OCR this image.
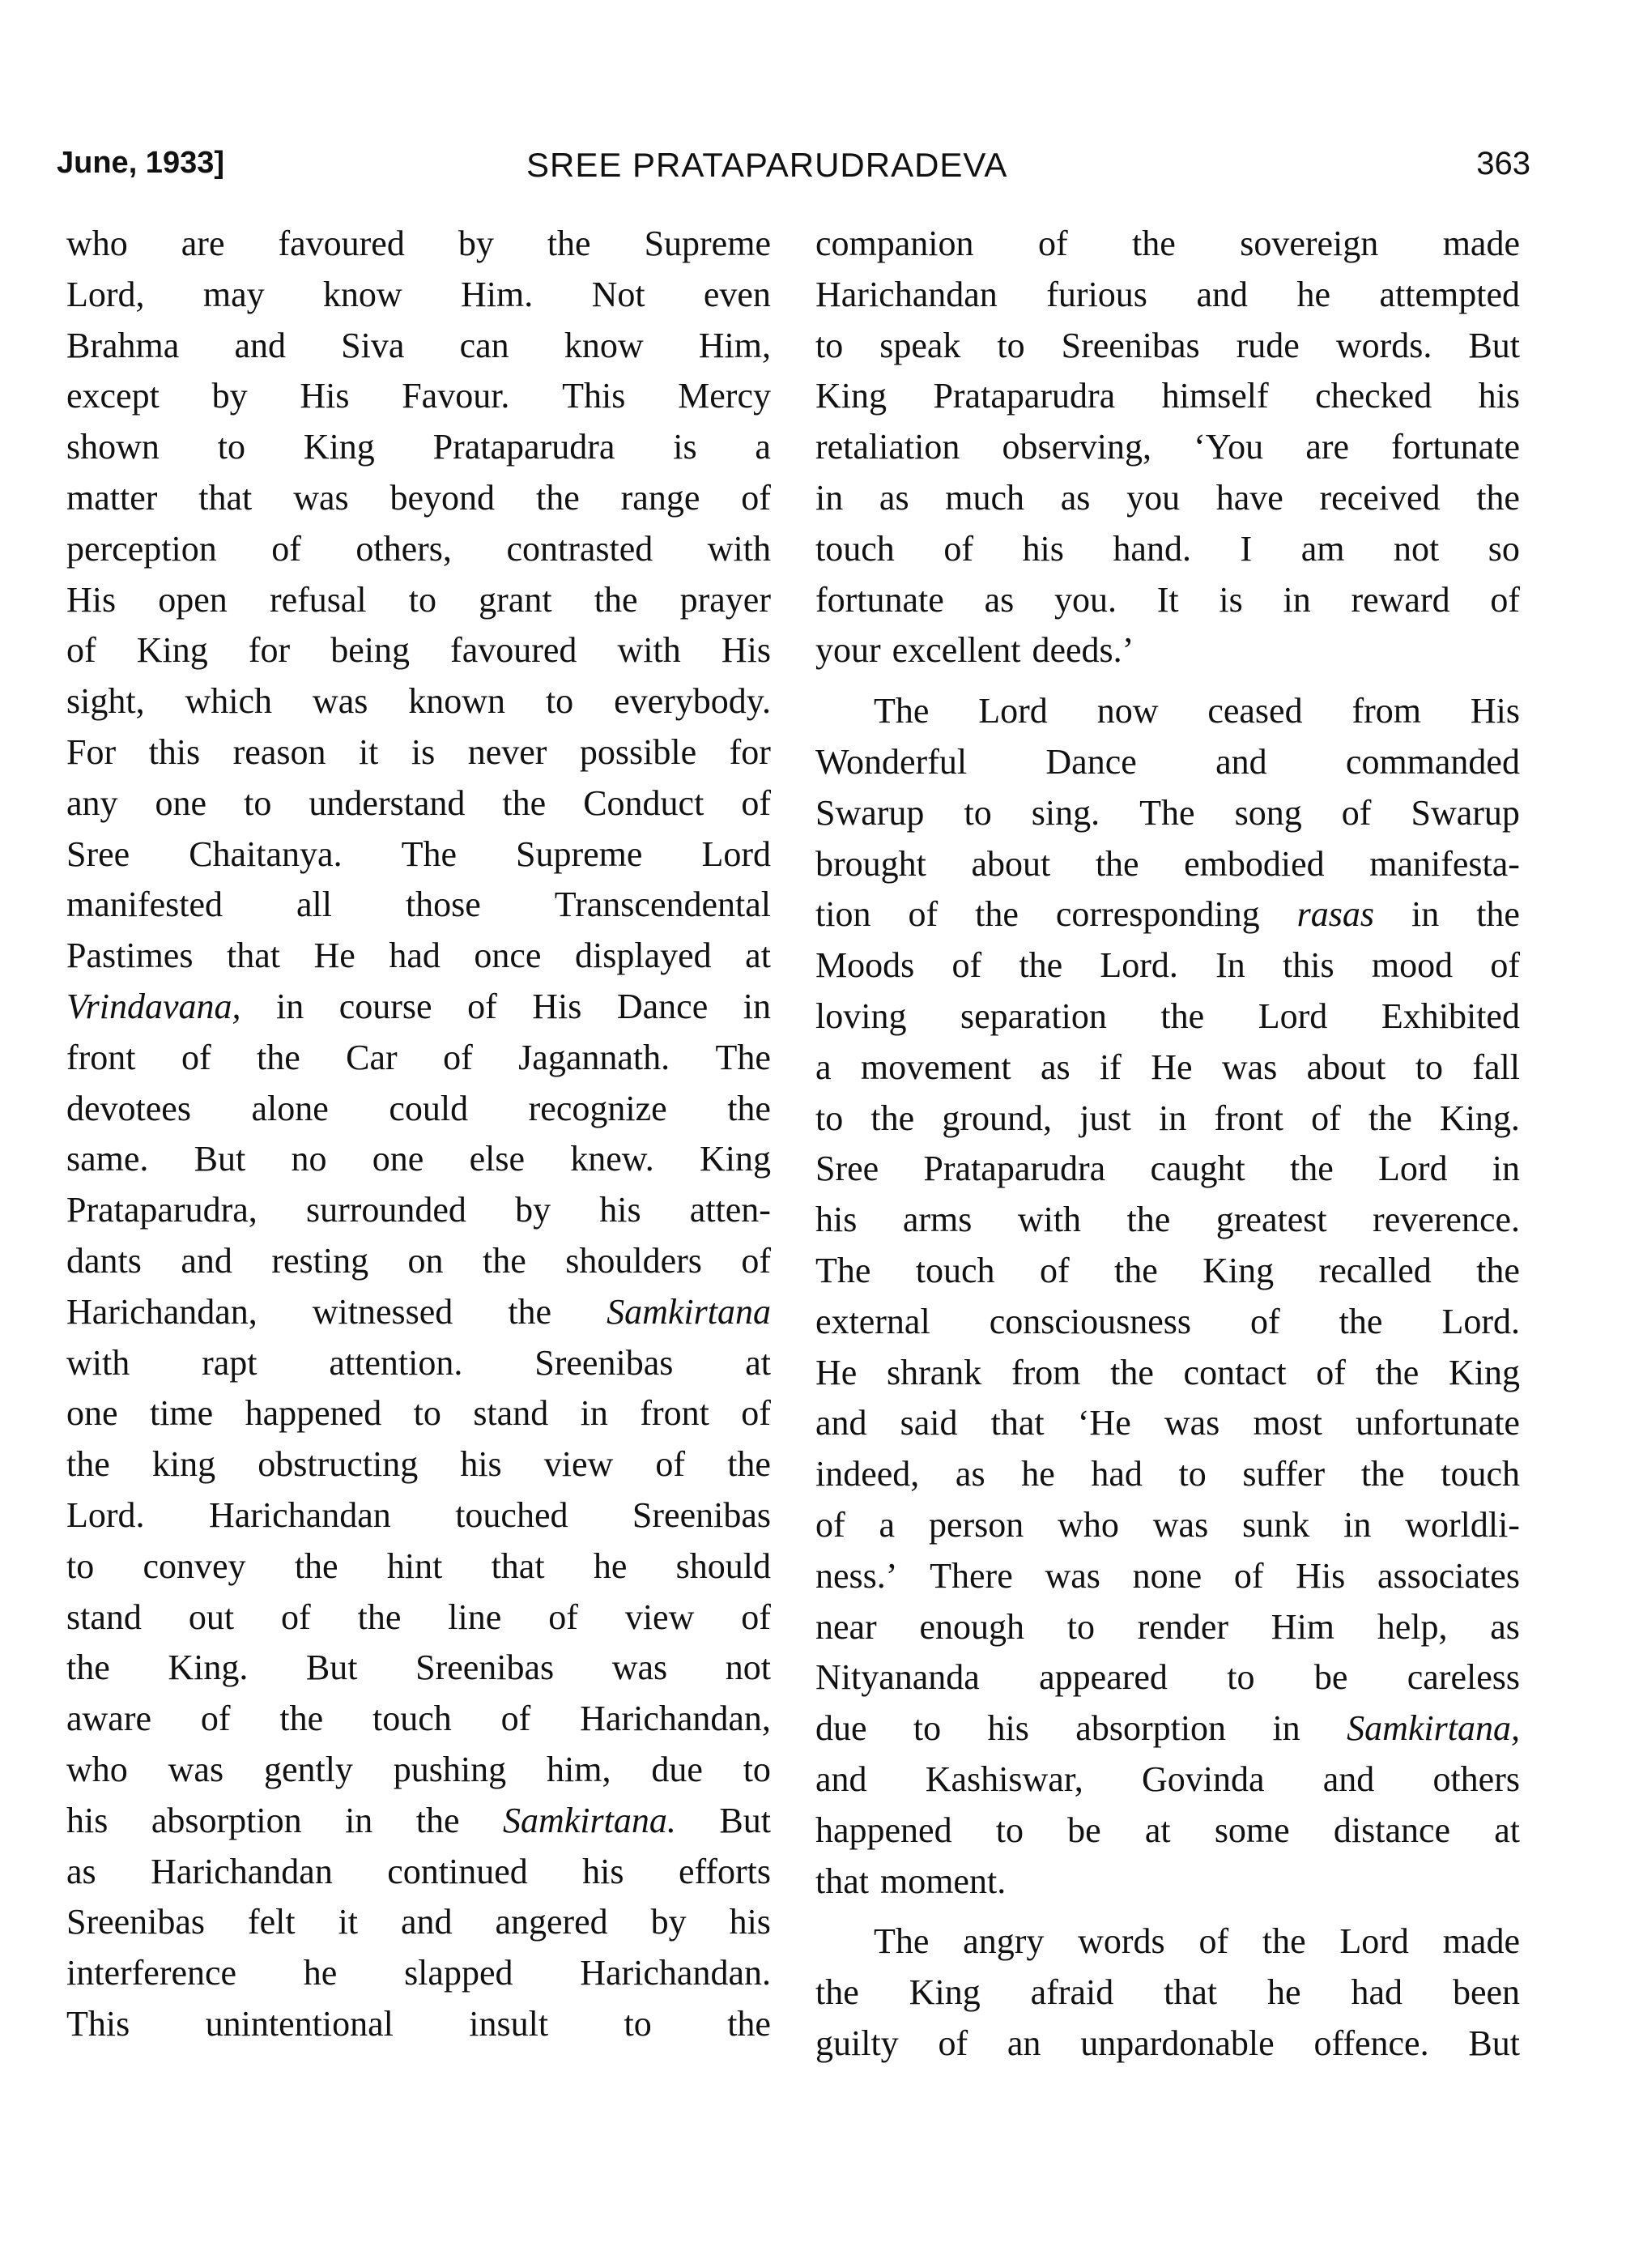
June, 1933]	SREE PRATAPARUDRADEVA	363
who are favoured by the Supreme
Lord, may know Him. Not even
Brahma and Siva can know Him,
except by His Favour. This Mercy
shown to King Prataparudra is a
matter that was beyond the range of
perception of others, contrasted with
His open refusal to grant the prayer
of King for being favoured with His
sight, which was known to everybody.
For this reason it is never possible for
any one to understand the Conduct of
Sree Chaitanya. The Supreme Lord
manifested all those Transcendental
Pastimes that He had once displayed at
Vrindavana, in course of His Dance in
front of the Car of Jagannath. The
devotees alone could recognize the
same. But no one else knew. King
Prataparudra, surrounded by his atten-
dants and resting on the shoulders of
Harichandan, witnessed the Samkirtana
with rapt attention. Sreenibas at
one time happened to stand in front of
the king obstructing his view of the
Lord. Harichandan touched Sreenibas
to convey the hint that he should
stand out of the line of view of
the King. But Sreenibas was not
aware of the touch of Harichandan,
who was gently pushing him, due to
his absorption in the Samkirtana. But
as Harichandan continued his efforts
Sreenibas felt it and angered by his
interference he slapped Harichandan.
This unintentional insult to the
companion of the sovereign made
Harichandan furious and he attempted
to speak to Sreenibas rude words. But
King Prataparudra himself checked his
retaliation observing, ‘You are fortunate
in as much as you have received the
touch of his hand. I am not so
fortunate as you. It is in reward of
your excellent deeds.’
The Lord now ceased from His
Wonderful Dance and commanded
Swarup to sing. The song of Swarup
brought about the embodied manifesta-
tion of the corresponding rasas in the
Moods of the Lord. In this mood of
loving separation the Lord Exhibited
a movement as if He was about to fall
to the ground, just in front of the King.
Sree Prataparudra caught the Lord in
his arms with the greatest reverence.
The touch of the King recalled the
external consciousness of the Lord.
He shrank from the contact of the King
and said that ‘He was most unfortunate
indeed, as he had to suffer the touch
of a person who was sunk in worldli-
ness.’ There was none of His associates
near enough to render Him help, as
Nityananda appeared to be careless
due to his absorption in Samkirtana,
and Kashiswar, Govinda and others
happened to be at some distance at
that moment.
The angry words of the Lord made
the King afraid that he had been
guilty of an unpardonable offence. But
